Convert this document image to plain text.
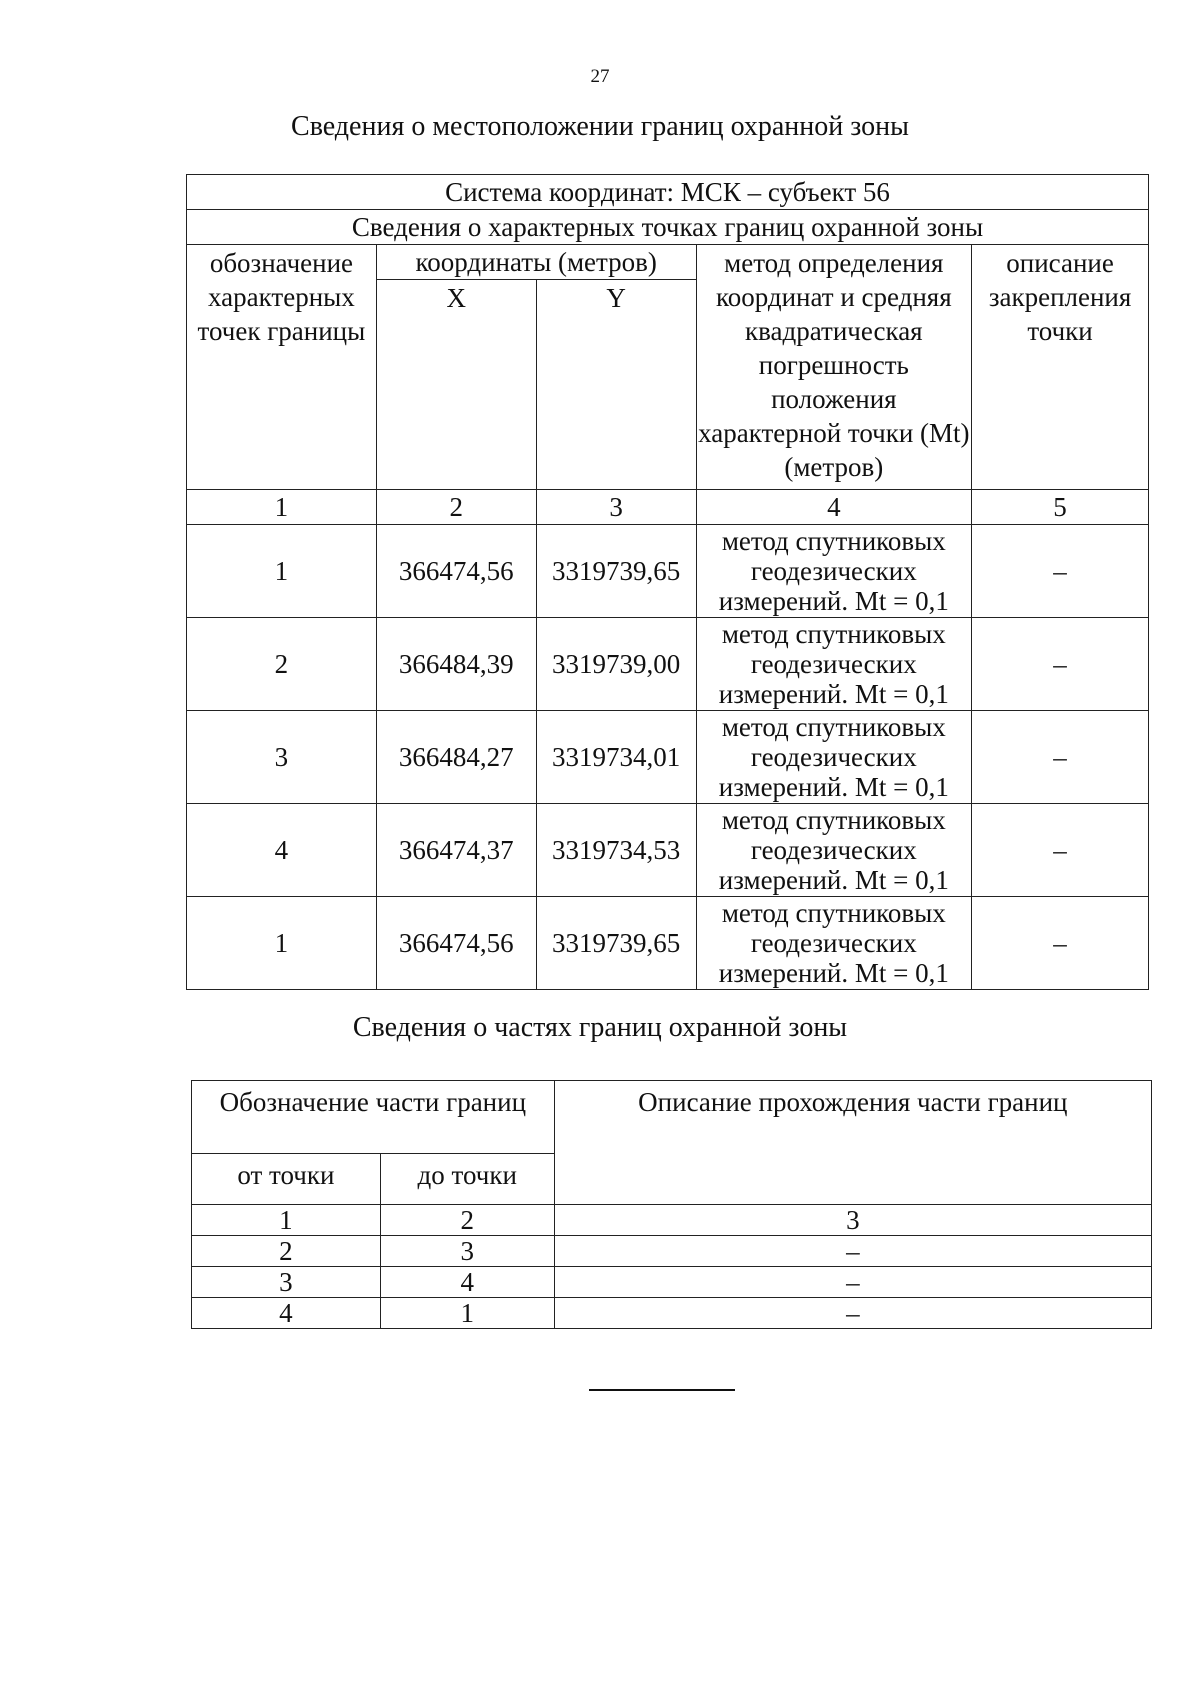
27
Сведения о местоположении границ охранной зоны
Система координат: МСК – субъект 56				
Сведения о характерных точках границ охранной зоны				
обозначение характерных точек границы	координаты (метров)		метод определения координат и средняя квадратическая погрешность положения характерной точки (Mt) (метров)	описание закрепления точки
	X	Y		
1	2	3	4	5
1	366474,56	3319739,65	метод спутниковых геодезических измерений. Mt = 0,1	–
2	366484,39	3319739,00	метод спутниковых геодезических измерений. Mt = 0,1	–
3	366484,27	3319734,01	метод спутниковых геодезических измерений. Mt = 0,1	–
4	366474,37	3319734,53	метод спутниковых геодезических измерений. Mt = 0,1	–
1	366474,56	3319739,65	метод спутниковых геодезических измерений. Mt = 0,1	–
Сведения о частях границ охранной зоны
Обозначение части границ		Описание прохождения части границ
от точки	до точки	
1	2	3
2	3	–
3	4	–
4	1	–
